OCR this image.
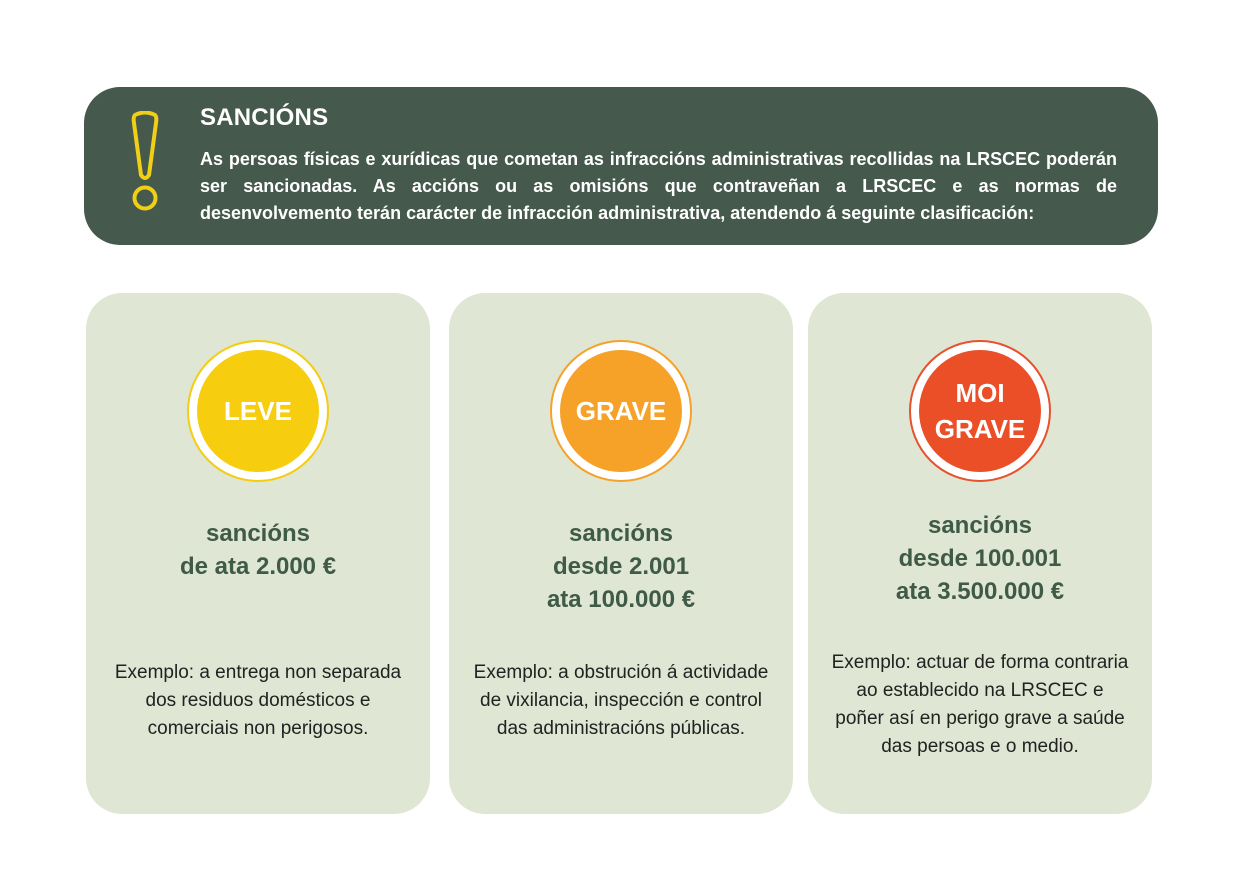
SANCIÓNS
As persoas físicas e xurídicas que cometan as infraccións administrativas recollidas na LRSCEC poderán ser sancionadas. As accións ou as omisións que contraveñan a LRSCEC e as normas de desenvolvemento terán carácter de infracción administrativa, atendendo á seguinte clasificación:
LEVE
sancións
de ata 2.000 €
Exemplo: a entrega non separada dos residuos domésticos e comerciais non perigosos.
GRAVE
sancións
desde 2.001
ata 100.000 €
Exemplo: a obstrución á actividade de vixilancia, inspección e control das administracións públicas.
MOI
GRAVE
sancións
desde 100.001
ata 3.500.000 €
Exemplo: actuar de forma contraria ao establecido na LRSCEC e poñer así en perigo grave a saúde das persoas e o medio.
